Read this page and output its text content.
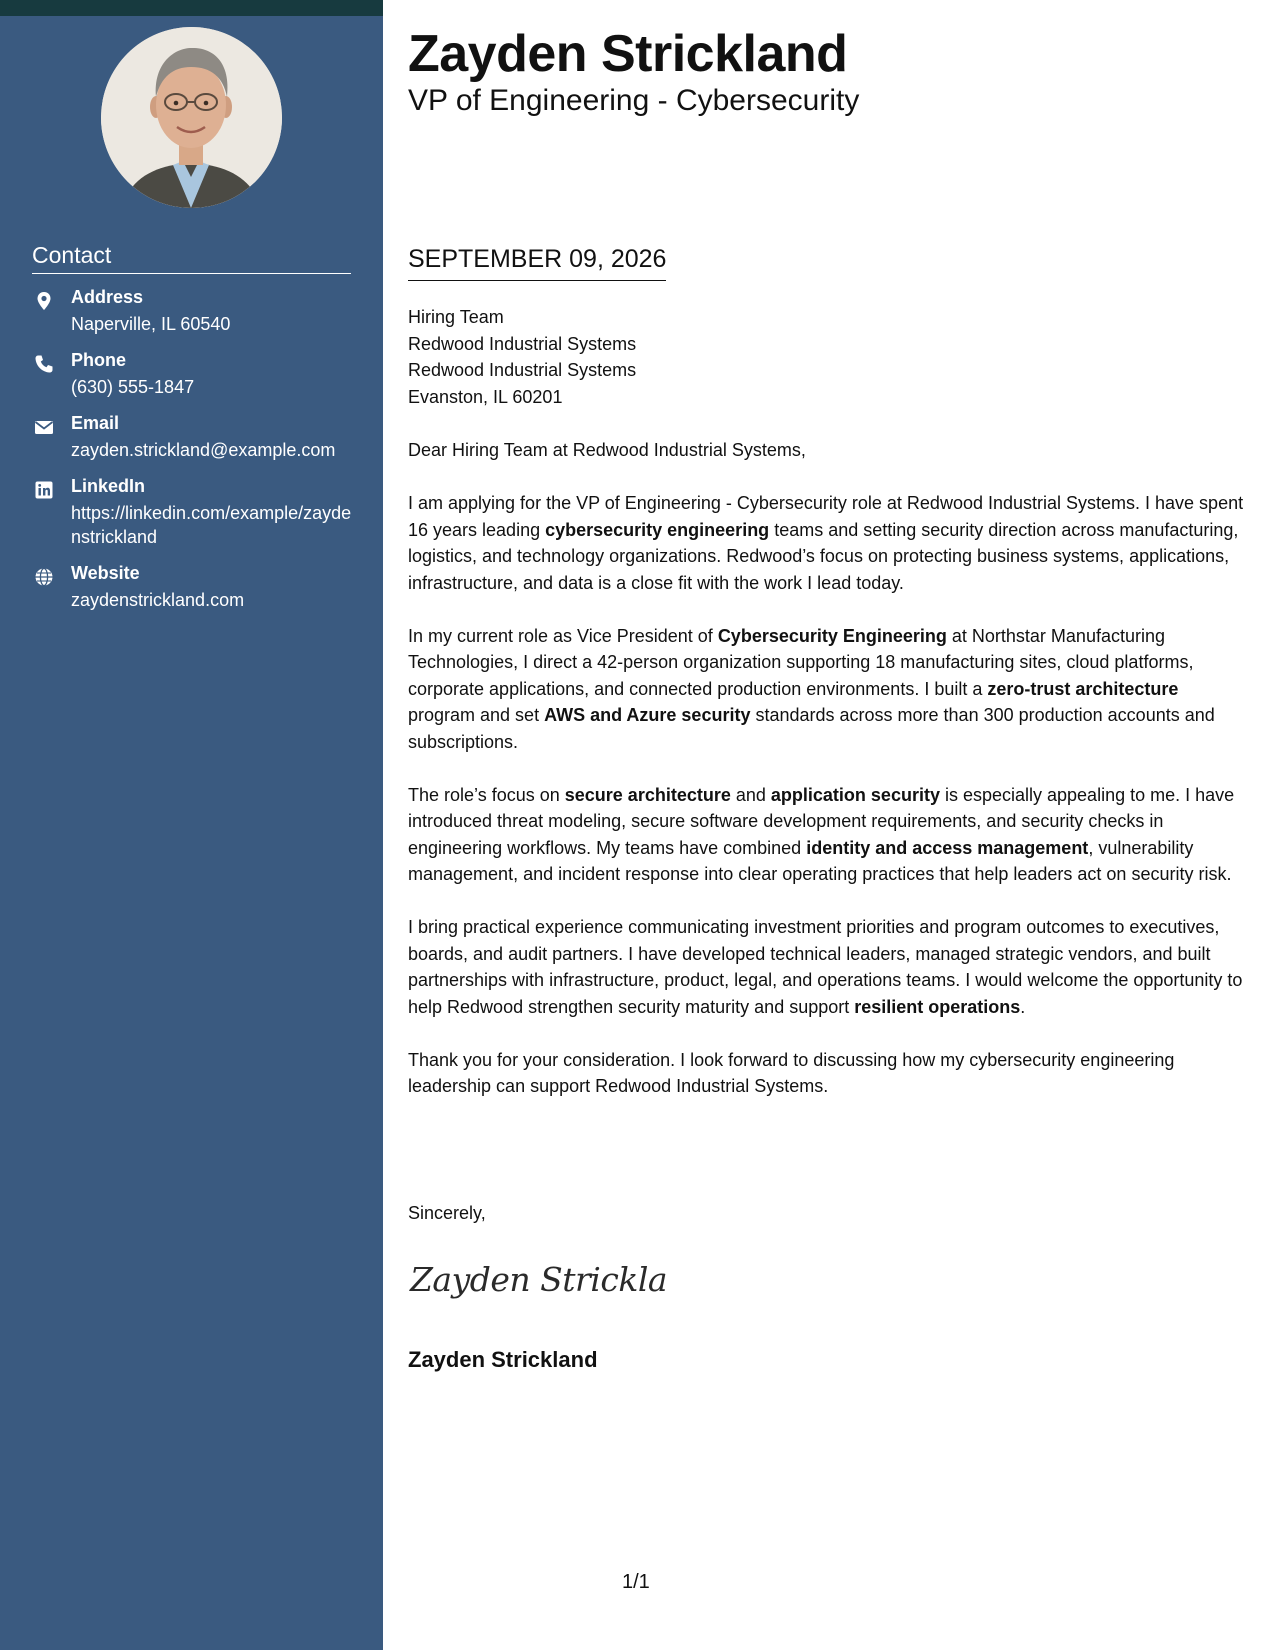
Contact
Address
Naperville, IL 60540
Phone
(630) 555-1847
Email
zayden.strickland@example.com
LinkedIn
https://linkedin.com/example/zaydenstrickland
Website
zaydenstrickland.com
Zayden Strickland
VP of Engineering - Cybersecurity
SEPTEMBER 09, 2026
Hiring Team
Redwood Industrial Systems
Redwood Industrial Systems
Evanston, IL 60201

Dear Hiring Team at Redwood Industrial Systems,

I am applying for the VP of Engineering - Cybersecurity role at Redwood Industrial Systems. I have spent 16 years leading cybersecurity engineering teams and setting security direction across manufacturing, logistics, and technology organizations. Redwood’s focus on protecting business systems, applications, infrastructure, and data is a close fit with the work I lead today.

In my current role as Vice President of Cybersecurity Engineering at Northstar Manufacturing Technologies, I direct a 42-person organization supporting 18 manufacturing sites, cloud platforms, corporate applications, and connected production environments. I built a zero-trust architecture program and set AWS and Azure security standards across more than 300 production accounts and subscriptions.

The role’s focus on secure architecture and application security is especially appealing to me. I have introduced threat modeling, secure software development requirements, and security checks in engineering workflows. My teams have combined identity and access management, vulnerability management, and incident response into clear operating practices that help leaders act on security risk.

I bring practical experience communicating investment priorities and program outcomes to executives, boards, and audit partners. I have developed technical leaders, managed strategic vendors, and built partnerships with infrastructure, product, legal, and operations teams. I would welcome the opportunity to help Redwood strengthen security maturity and support resilient operations.

Thank you for your consideration. I look forward to discussing how my cybersecurity engineering leadership can support Redwood Industrial Systems.

Sincerely,
Zayden Stricklan
Zayden Strickland
1/1
